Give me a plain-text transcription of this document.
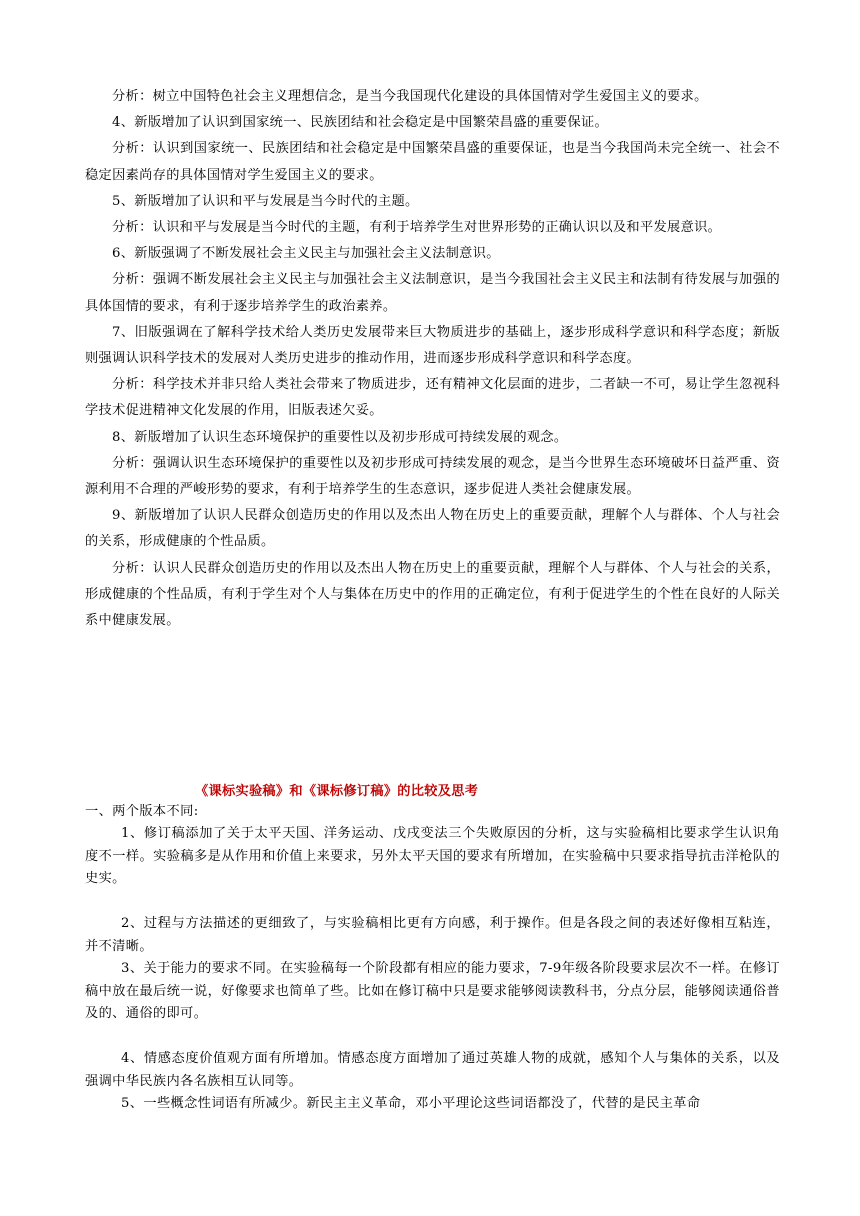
分析：树立中国特色社会主义理想信念，是当今我国现代化建设的具体国情对学生爱国主义的要求。

4、新版增加了认识到国家统一、民族团结和社会稳定是中国繁荣昌盛的重要保证。

分析：认识到国家统一、民族团结和社会稳定是中国繁荣昌盛的重要保证，也是当今我国尚未完全统一、社会不稳定因素尚存的具体国情对学生爱国主义的要求。

5、新版增加了认识和平与发展是当今时代的主题。

分析：认识和平与发展是当今时代的主题，有利于培养学生对世界形势的正确认识以及和平发展意识。

6、新版强调了不断发展社会主义民主与加强社会主义法制意识。

分析：强调不断发展社会主义民主与加强社会主义法制意识，是当今我国社会主义民主和法制有待发展与加强的具体国情的要求，有利于逐步培养学生的政治素养。

7、旧版强调在了解科学技术给人类历史发展带来巨大物质进步的基础上，逐步形成科学意识和科学态度；新版则强调认识科学技术的发展对人类历史进步的推动作用，进而逐步形成科学意识和科学态度。

分析：科学技术并非只给人类社会带来了物质进步，还有精神文化层面的进步，二者缺一不可，易让学生忽视科学技术促进精神文化发展的作用，旧版表述欠妥。

8、新版增加了认识生态环境保护的重要性以及初步形成可持续发展的观念。

分析：强调认识生态环境保护的重要性以及初步形成可持续发展的观念，是当今世界生态环境破坏日益严重、资源利用不合理的严峻形势的要求，有利于培养学生的生态意识，逐步促进人类社会健康发展。

9、新版增加了认识人民群众创造历史的作用以及杰出人物在历史上的重要贡献，理解个人与群体、个人与社会的关系，形成健康的个性品质。

分析：认识人民群众创造历史的作用以及杰出人物在历史上的重要贡献，理解个人与群体、个人与社会的关系，形成健康的个性品质，有利于学生对个人与集体在历史中的作用的正确定位，有利于促进学生的个性在良好的人际关系中健康发展。

《课标实验稿》和《课标修订稿》的比较及思考

一、两个版本不同:

1、修订稿添加了关于太平天国、洋务运动、戊戌变法三个失败原因的分析，这与实验稿相比要求学生认识角度不一样。实验稿多是从作用和价值上来要求，另外太平天国的要求有所增加，在实验稿中只要求指导抗击洋枪队的史实。

2、过程与方法描述的更细致了，与实验稿相比更有方向感，利于操作。但是各段之间的表述好像相互粘连，并不清晰。

3、关于能力的要求不同。在实验稿每一个阶段都有相应的能力要求，7-9年级各阶段要求层次不一样。在修订稿中放在最后统一说，好像要求也简单了些。比如在修订稿中只是要求能够阅读教科书，分点分层，能够阅读通俗普及的、通俗的即可。

4、情感态度价值观方面有所增加。情感态度方面增加了通过英雄人物的成就，感知个人与集体的关系，以及强调中华民族内各名族相互认同等。

5、一些概念性词语有所减少。新民主主义革命，邓小平理论这些词语都没了，代替的是民主革命
